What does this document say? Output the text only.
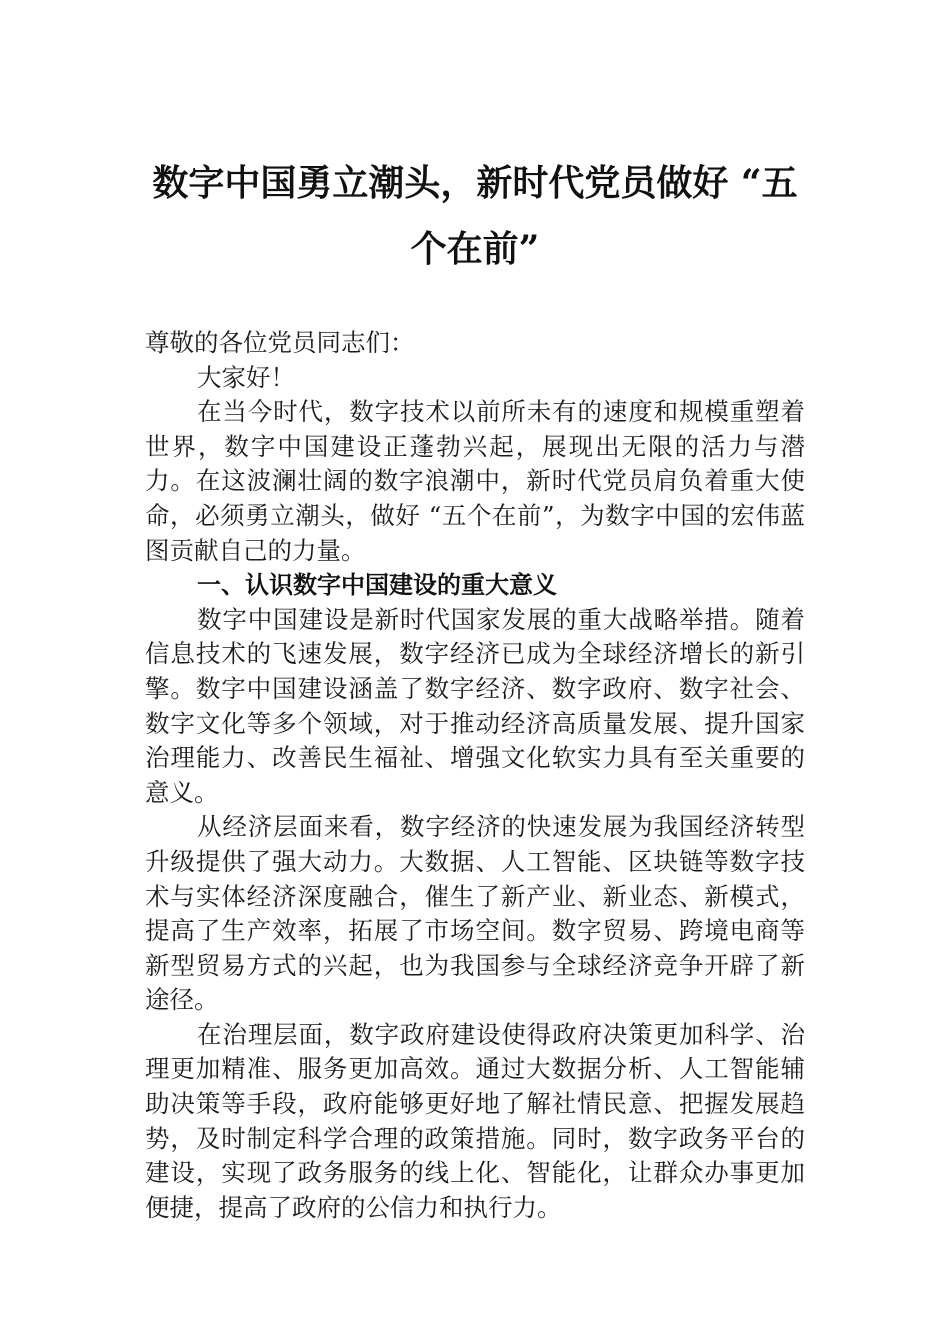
数字中国勇立潮头，新时代党员做好 “五
个在前”

尊敬的各位党员同志们：

大家好！

在当今时代，数字技术以前所未有的速度和规模重塑着世界，数字中国建设正蓬勃兴起，展现出无限的活力与潜力。在这波澜壮阔的数字浪潮中，新时代党员肩负着重大使命，必须勇立潮头，做好 “五个在前”，为数字中国的宏伟蓝图贡献自己的力量。

一、认识数字中国建设的重大意义

数字中国建设是新时代国家发展的重大战略举措。随着信息技术的飞速发展，数字经济已成为全球经济增长的新引擎。数字中国建设涵盖了数字经济、数字政府、数字社会、数字文化等多个领域，对于推动经济高质量发展、提升国家治理能力、改善民生福祉、增强文化软实力具有至关重要的意义。

从经济层面来看，数字经济的快速发展为我国经济转型升级提供了强大动力。大数据、人工智能、区块链等数字技术与实体经济深度融合，催生了新产业、新业态、新模式，提高了生产效率，拓展了市场空间。数字贸易、跨境电商等新型贸易方式的兴起，也为我国参与全球经济竞争开辟了新途径。

在治理层面，数字政府建设使得政府决策更加科学、治理更加精准、服务更加高效。通过大数据分析、人工智能辅助决策等手段，政府能够更好地了解社情民意、把握发展趋势，及时制定科学合理的政策措施。同时，数字政务平台的建设，实现了政务服务的线上化、智能化，让群众办事更加便捷，提高了政府的公信力和执行力。
